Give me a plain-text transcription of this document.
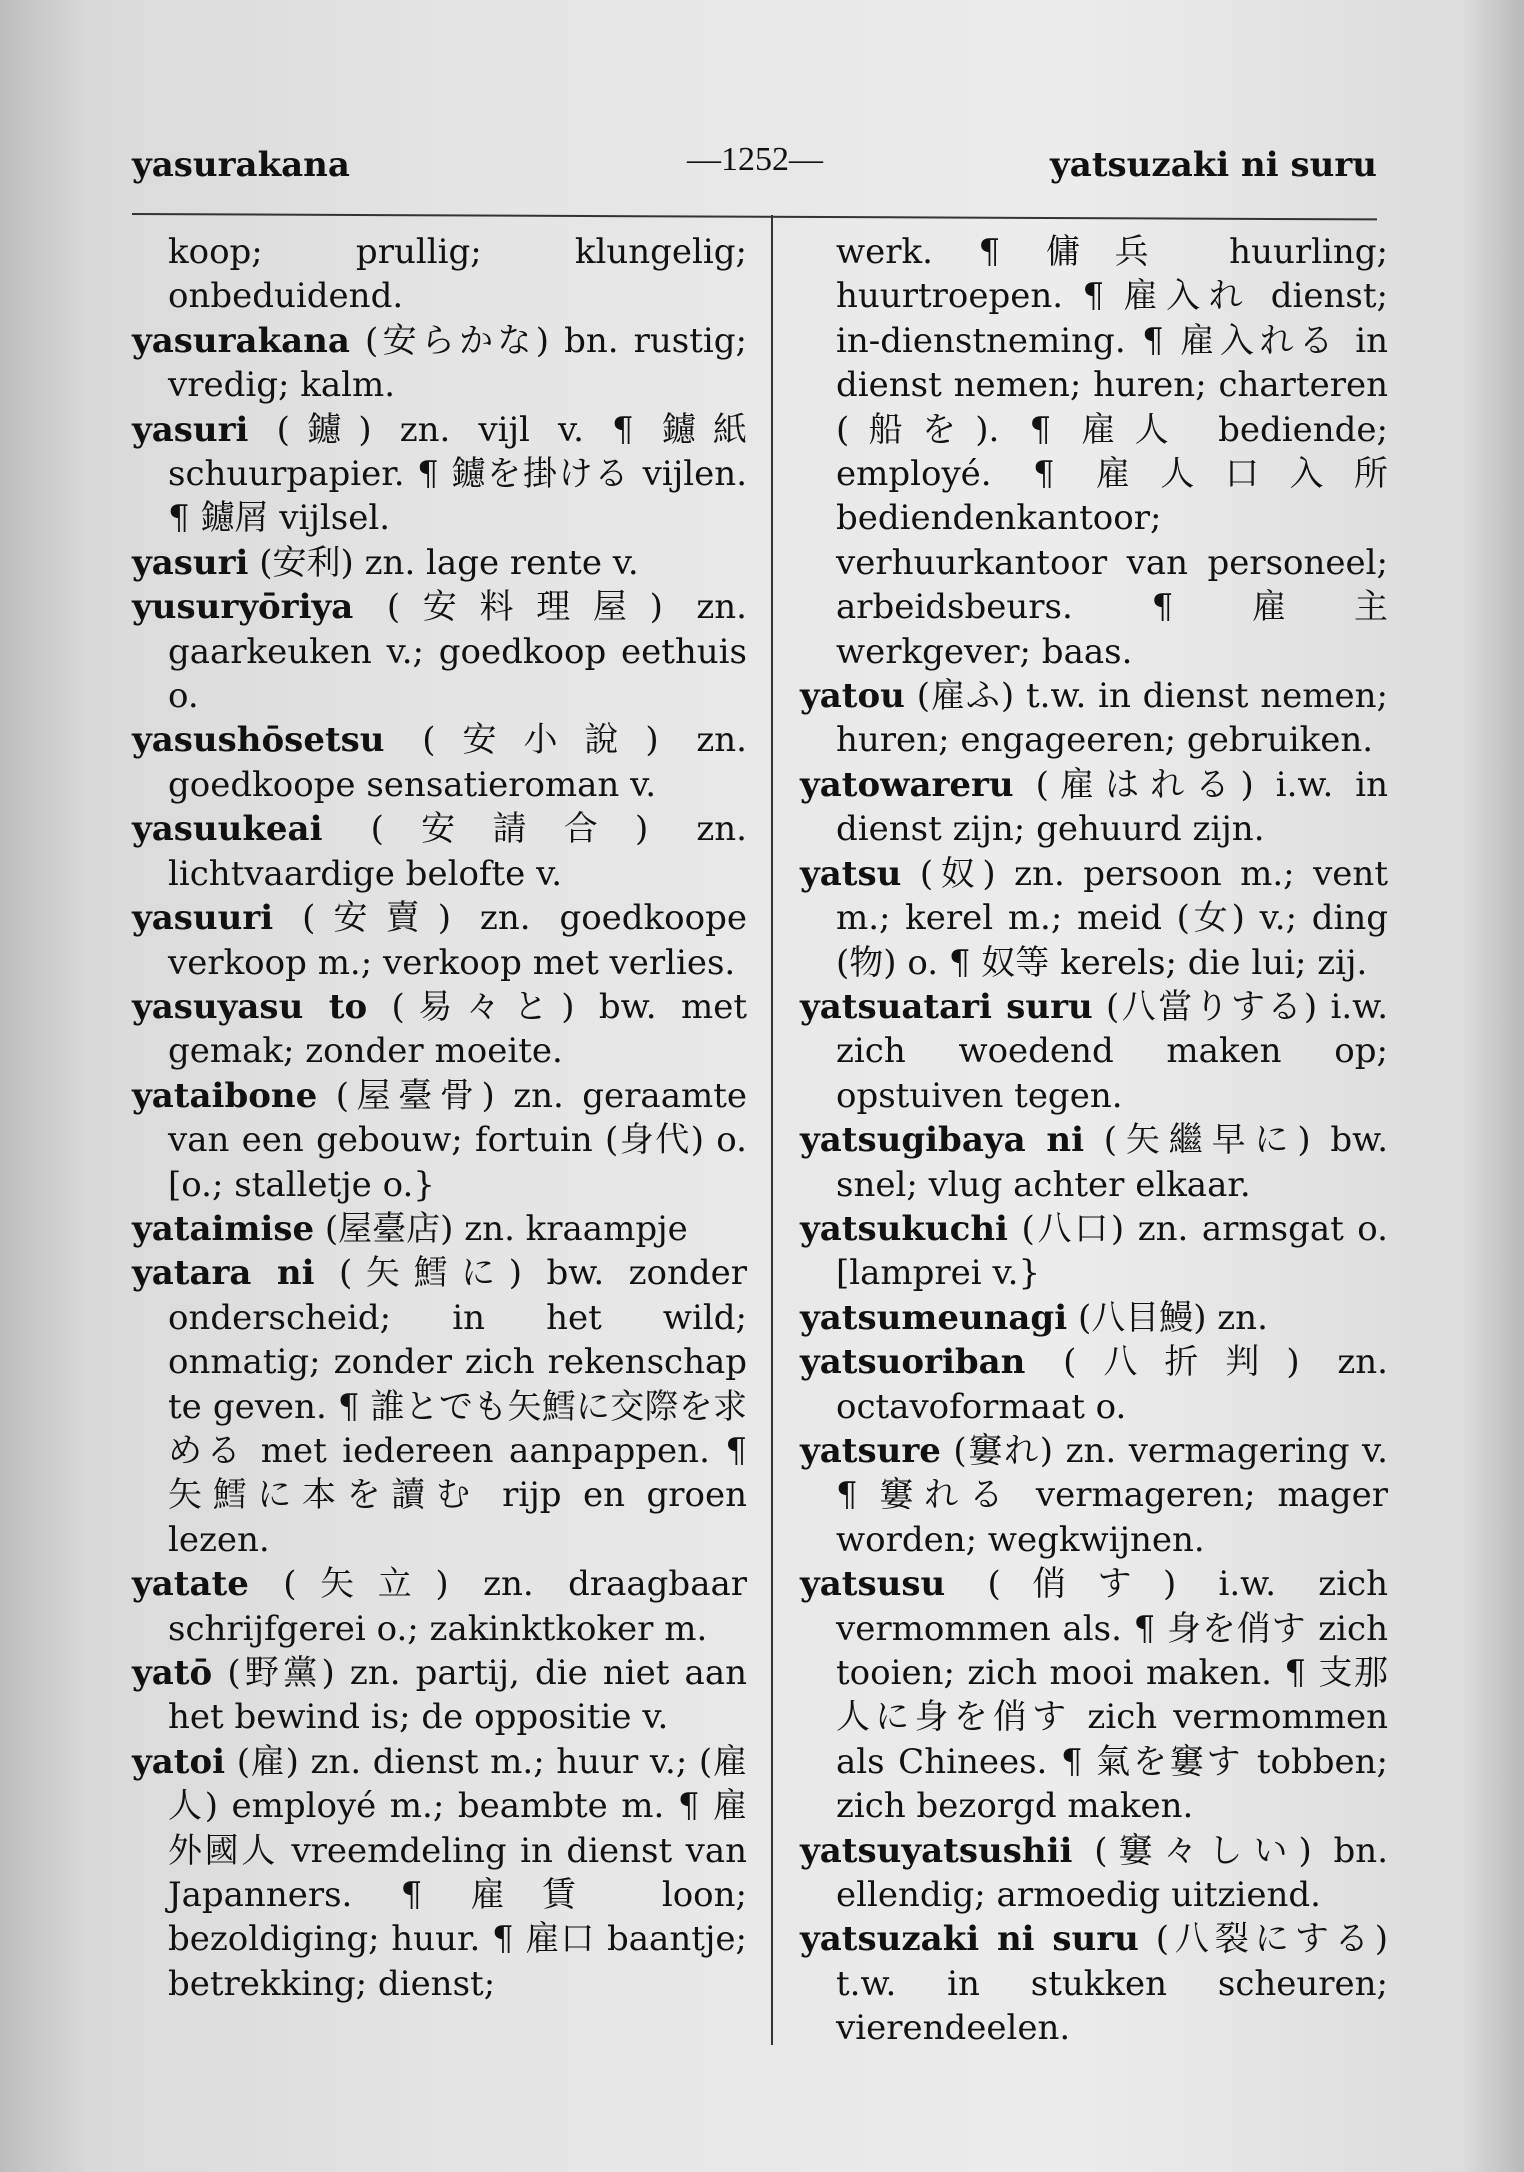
yasurakana	—1252—	yatsuzaki ni suru
koop; prullig; klungelig; onbeduidend.
yasurakana (安らかな) bn. rustig; vredig; kalm.
yasuri (鑢) zn. vijl v. ¶ 鑢紙 schuurpapier. ¶ 鑢を掛ける vijlen. ¶ 鑢屑 vijlsel.
yasuri (安利) zn. lage rente v.
yusuryōriya (安料理屋) zn. gaarkeuken v.; goedkoop eethuis o.
yasushōsetsu (安小說) zn. goedkoope sensatieroman v.
yasuukeai (安請合) zn. lichtvaardige belofte v.
yasuuri (安賣) zn. goedkoope verkoop m.; verkoop met verlies.
yasuyasu to (易々と) bw. met gemak; zonder moeite.
yataibone (屋臺骨) zn. geraamte van een gebouw; fortuin (身代) o. [o.; stalletje o.}
yataimise (屋臺店) zn. kraampje
yatara ni (矢鱈に) bw. zonder onderscheid; in het wild; onmatig; zonder zich rekenschap te geven. ¶ 誰とでも矢鱈に交際を求める met iedereen aanpappen. ¶ 矢鱈に本を讀む rijp en groen lezen.
yatate (矢立) zn. draagbaar schrijfgerei o.; zakinktkoker m.
yatō (野黨) zn. partij, die niet aan het bewind is; de oppositie v.
yatoi (雇) zn. dienst m.; huur v.; (雇人) employé m.; beambte m. ¶ 雇外國人 vreemdeling in dienst van Japanners. ¶ 雇賃 loon; bezoldiging; huur. ¶ 雇口 baantje; betrekking; dienst;
werk. ¶ 傭兵 huurling; huurtroepen. ¶ 雇入れ dienst; in-dienstneming. ¶ 雇入れる in dienst nemen; huren; charteren (船を). ¶ 雇人 bediende; employé. ¶ 雇人口入所 bediendenkantoor; verhuurkantoor van personeel; arbeidsbeurs. ¶ 雇主 werkgever; baas.
yatou (雇ふ) t.w. in dienst nemen; huren; engageeren; gebruiken.
yatowareru (雇はれる) i.w. in dienst zijn; gehuurd zijn.
yatsu (奴) zn. persoon m.; vent m.; kerel m.; meid (女) v.; ding (物) o. ¶ 奴等 kerels; die lui; zij.
yatsuatari suru (八當りする) i.w. zich woedend maken op; opstuiven tegen.
yatsugibaya ni (矢繼早に) bw. snel; vlug achter elkaar.
yatsukuchi (八口) zn. armsgat o. [lamprei v.}
yatsumeunagi (八目鰻) zn.
yatsuoriban (八折判) zn. octavoformaat o.
yatsure (窶れ) zn. vermagering v. ¶ 窶れる vermageren; mager worden; wegkwijnen.
yatsusu (俏す) i.w. zich vermommen als. ¶ 身を俏す zich tooien; zich mooi maken. ¶ 支那人に身を俏す zich vermommen als Chinees. ¶ 氣を窶す tobben; zich bezorgd maken.
yatsuyatsushii (窶々しい) bn. ellendig; armoedig uitziend.
yatsuzaki ni suru (八裂にする) t.w. in stukken scheuren; vierendeelen.
